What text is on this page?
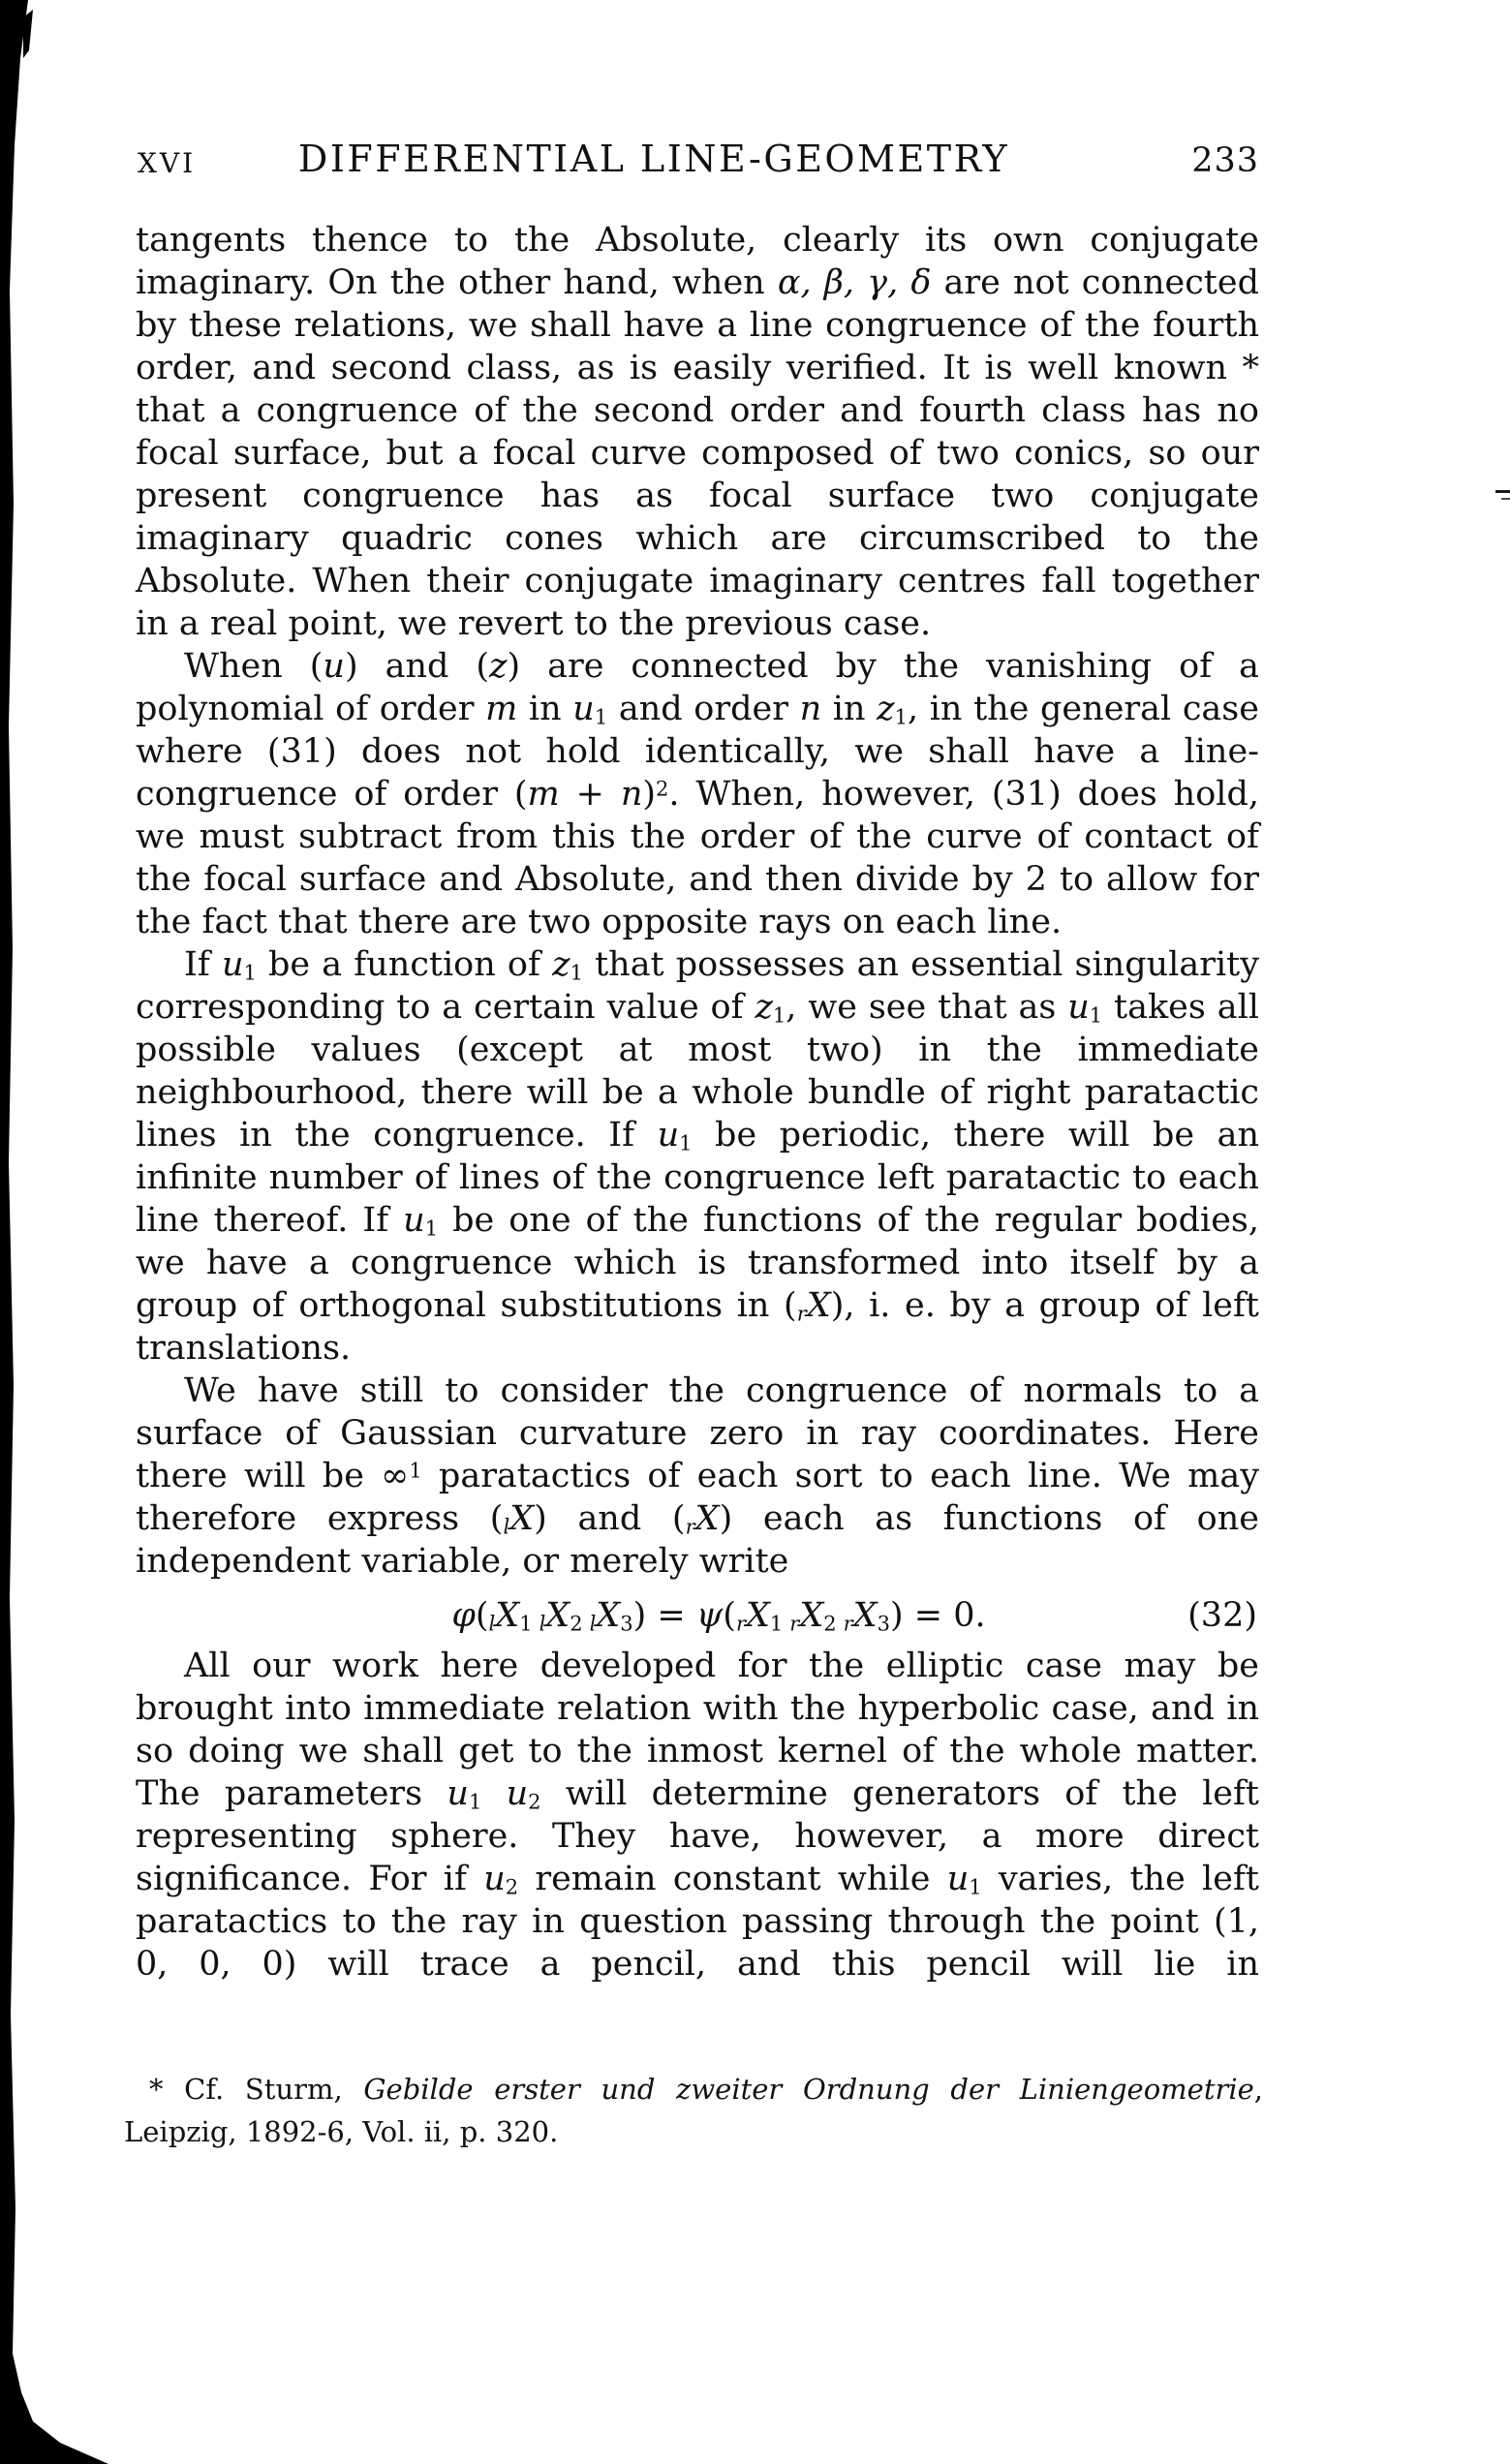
XVI	DIFFERENTIAL LINE-GEOMETRY	233

tangents thence to the Absolute, clearly its own conjugate imaginary. On the other hand, when α, β, γ, δ are not connected by these relations, we shall have a line congruence of the fourth order, and second class, as is easily verified. It is well known * that a congruence of the second order and fourth class has no focal surface, but a focal curve composed of two conics, so our present congruence has as focal surface two conjugate imaginary quadric cones which are circumscribed to the Absolute. When their conjugate imaginary centres fall together in a real point, we revert to the previous case.

When (u) and (z) are connected by the vanishing of a polynomial of order m in u1 and order n in z1, in the general case where (31) does not hold identically, we shall have a line-congruence of order $(m + n)^2$. When, however, (31) does hold, we must subtract from this the order of the curve of contact of the focal surface and Absolute, and then divide by 2 to allow for the fact that there are two opposite rays on each line.

If u1 be a function of z1 that possesses an essential singularity corresponding to a certain value of z1, we see that as u1 takes all possible values (except at most two) in the immediate neighbourhood, there will be a whole bundle of right paratactic lines in the congruence. If u1 be periodic, there will be an infinite number of lines of the congruence left paratactic to each line thereof. If u1 be one of the functions of the regular bodies, we have a congruence which is transformed into itself by a group of orthogonal substitutions in (rX), i. e. by a group of left translations.

We have still to consider the congruence of normals to a surface of Gaussian curvature zero in ray coordinates. Here there will be ∞$^1$ paratactics of each sort to each line. We may therefore express (lX) and (rX) each as functions of one independent variable, or merely write

φ(lX1  lX2  lX3) = ψ(rX1  rX2  rX3) = 0.	(32)

All our work here developed for the elliptic case may be brought into immediate relation with the hyperbolic case, and in so doing we shall get to the inmost kernel of the whole matter. The parameters u1 u2 will determine generators of the left representing sphere. They have, however, a more direct significance. For if u2 remain constant while u1 varies, the left paratactics to the ray in question passing through the point (1, 0, 0, 0) will trace a pencil, and this pencil will lie in

* Cf. Sturm, Gebilde erster und zweiter Ordnung der Liniengeometrie, Leipzig, 1892-6, Vol. ii, p. 320.
